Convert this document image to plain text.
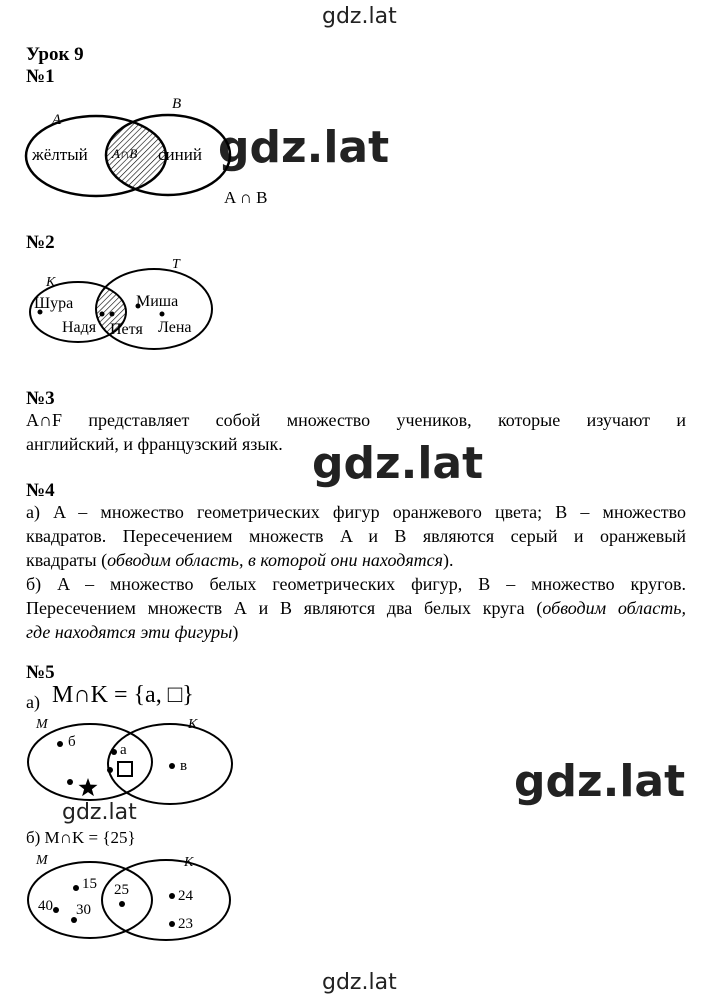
gdz.lat
gdz.lat
gdz.lat
gdz.lat
gdz.lat
gdz.lat
Урок 9
№1
A
B
жёлтый A∩B синий
A ∩ B
№2
K
T
Шура	Миша
Надя Петя Лена
№3
A∩F представляет собой множество учеников, которые изучают и
английский, и французский язык.
№4
а) A – множество геометрических фигур оранжевого цвета; B – множество
квадратов. Пересечением множеств A и B являются серый и оранжевый
квадраты (обводим область, в которой они находятся).
б) A – множество белых геометрических фигур, B – множество кругов.
Пересечением множеств А и В являются два белых круга (обводим область,
где находятся эти фигуры)
№5
а) M∩K = {a, □}
M	K
б	а
в
б) M∩K = {25}
M	K
15 25	24
40 30
23
